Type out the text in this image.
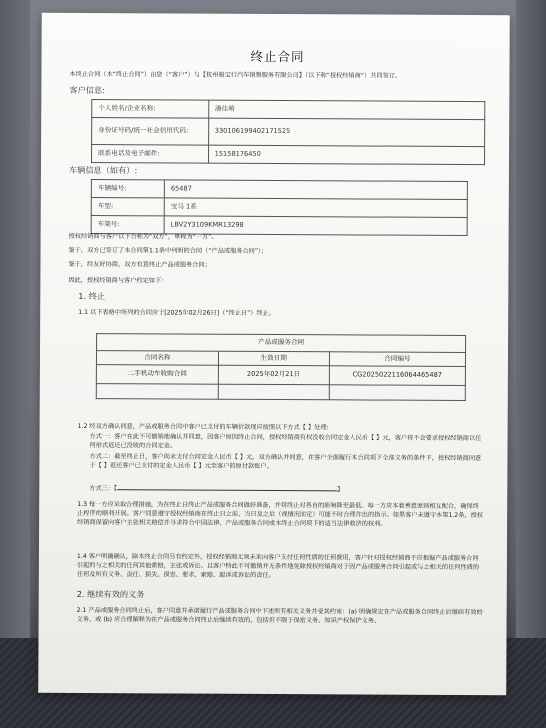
终止合同
本终止合同（本“终止合同”）由您（“客户”）与【杭州骏宝行汽车销售服务有限公司】（以下称“授权经销商”）共同签订。
客户信息:
个人姓名/企业名称:	潘佳萌
身份证号码/统一社会信用代码:	330106199402171525
联系电话及电子邮件:	15158176450
车辆信息（如有）:
车辆编号:	65487
车型:	宝马 1系
车架号:	LBV2Y3109KMR13298
授权经销商与客户以下合称为“双方”，单称为“一方”。
鉴于，双方已签订了本合同第1.1条中列明的合同（“产品或服务合同”）；
鉴于，经友好协商，双方有意终止产品或服务合同；
因此，授权经销商与客户约定如下：
1. 终止
1.1 以下表格中所列的合同应于[2025年02月26日]（“终止日”）终止。
产品或服务合同		
合同名称	生效日期	合同编号
二手机动车收购合同	2025年02月21日	CG2025022116064465487

1.2 经双方确认同意，产品或服务合同中客户已支付的车辆价款现应按照以下方式【 】处理:
方式一：客户在此不可撤销地确认并同意，因客户原因终止合同，授权经销商有权没收合同定金人民币【 】元，客户将不会要求授权经销商以任何形式返还已没收的合同定金。
方式二：截至终止日，客户尚未支付合同定金人民币【 】元，双方确认并同意，在客户全面履行本合同项下全部义务的条件下，授权经销商同意于【 】返还客户已支付的定金人民币【 】元至客户的原付款账户。
方式三：【	】
1.3 每一方应采取合理措施，为在终止日终止产品或服务合同做好准备，并将终止对各自的影响降至最低。每一方应本着善意原则相互配合，确保终止程序的顺利开展。客户同意遵守授权经销商在终止日之前、当日及之后（视情况而定）可能不时合理作出的指示。如果客户未遵守本第1.2条，授权经销商保留向客户主张相关赔偿并寻求符合中国法律、产品或服务合同或本终止合同项下的适当法律救济的权利。
1.4 客户明确确认，除本终止合同另有约定外，授权经销商无须未来向客户支付任何性质的任何费用，客户针对授权经销商不应根据产品或服务合同引起的与之相关的任何其他索赔，主张或诉讼。且客户特此不可撤销并无条件地免除授权经销商对于因产品或服务合同引起或与之相关的任何性质的任何及所有义务、责任、损失、损害、要求、索赔、起诉或诉讼的责任。
2. 继续有效的义务
2.1 产品或服务合同终止后，客户同意并承诺履行产品或服务合同中下述所有相关义务并受其约束：(a) 明确规定在产品或服务合同终止后继续有效的义务，或 (b) 应合理解释为在产品或服务合同终止后继续有效的，包括但不限于保密义务、知识产权保护义务、
